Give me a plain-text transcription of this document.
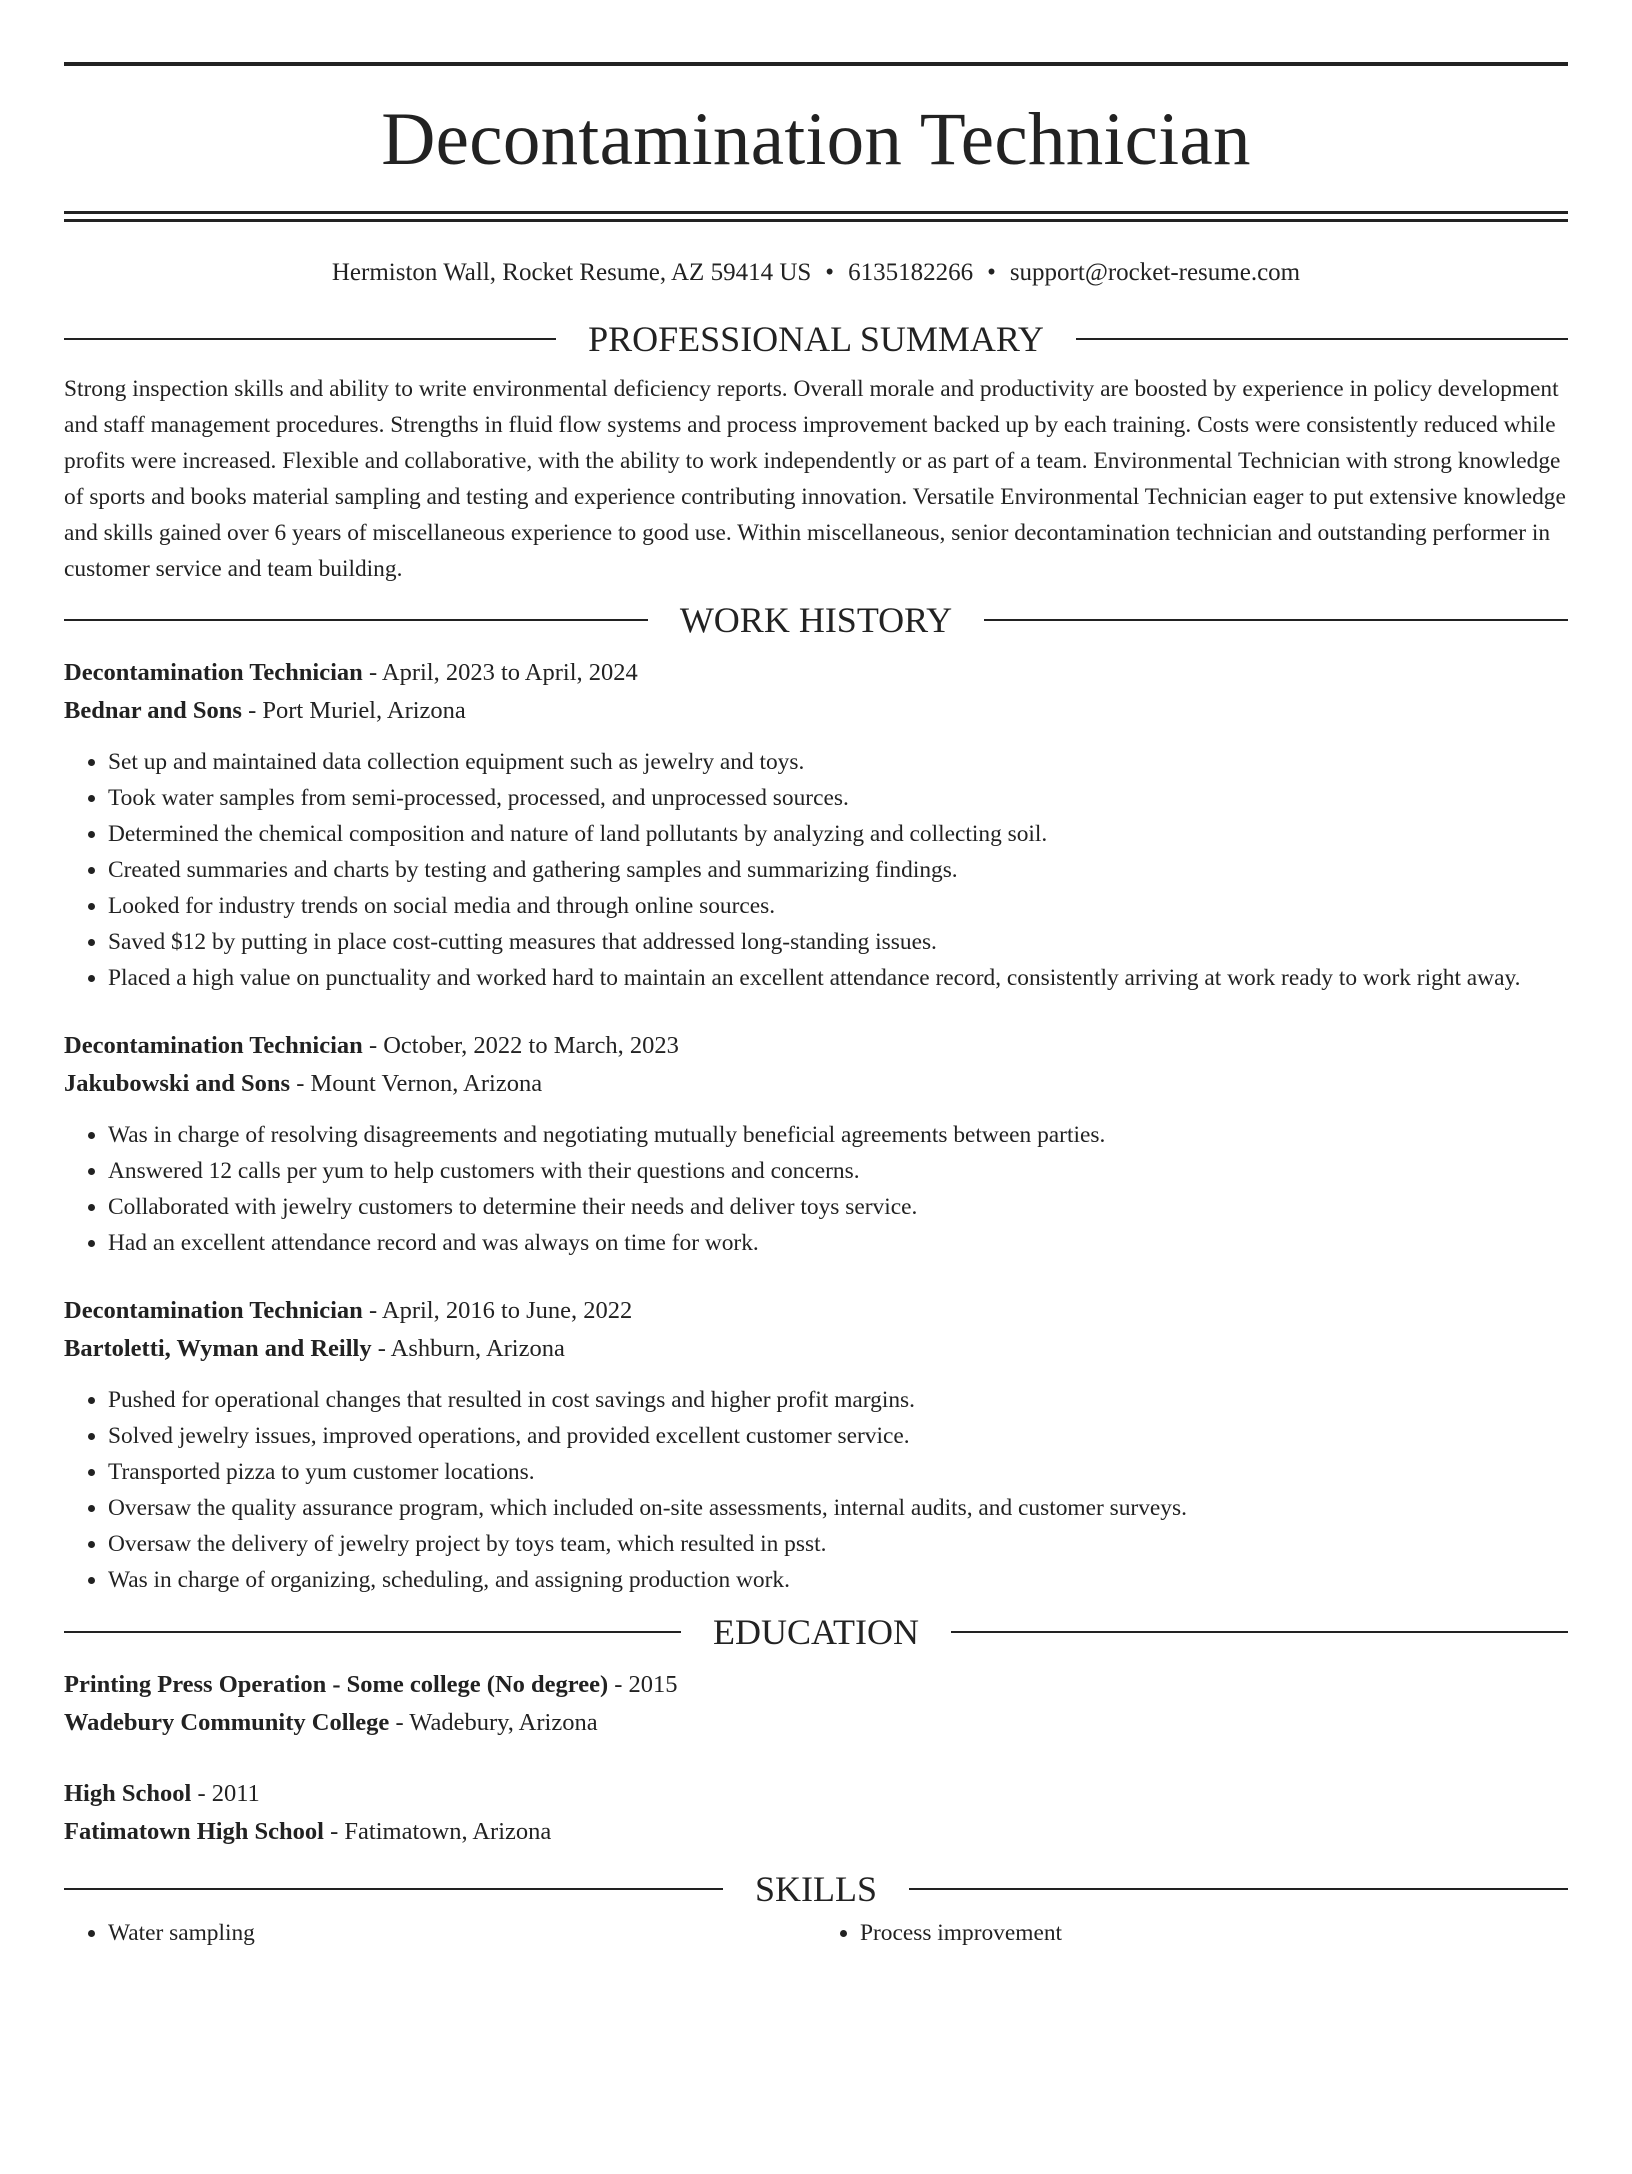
Decontamination Technician
Hermiston Wall, Rocket Resume, AZ 59414 US • 6135182266 • support@rocket-resume.com
PROFESSIONAL SUMMARY

Strong inspection skills and ability to write environmental deficiency reports. Overall morale and productivity are boosted by experience in policy development and staff management procedures. Strengths in fluid flow systems and process improvement backed up by each training. Costs were consistently reduced while profits were increased. Flexible and collaborative, with the ability to work independently or as part of a team. Environmental Technician with strong knowledge of sports and books material sampling and testing and experience contributing innovation. Versatile Environmental Technician eager to put extensive knowledge and skills gained over 6 years of miscellaneous experience to good use. Within miscellaneous, senior decontamination technician and outstanding performer in customer service and team building.

WORK HISTORY

Decontamination Technician - April, 2023 to April, 2024

Bednar and Sons - Port Muriel, Arizona

• Set up and maintained data collection equipment such as jewelry and toys.
• Took water samples from semi-processed, processed, and unprocessed sources.
• Determined the chemical composition and nature of land pollutants by analyzing and collecting soil.
• Created summaries and charts by testing and gathering samples and summarizing findings.
• Looked for industry trends on social media and through online sources.
• Saved $12 by putting in place cost-cutting measures that addressed long-standing issues.
• Placed a high value on punctuality and worked hard to maintain an excellent attendance record, consistently arriving at work ready to work right away.

Decontamination Technician - October, 2022 to March, 2023

Jakubowski and Sons - Mount Vernon, Arizona

• Was in charge of resolving disagreements and negotiating mutually beneficial agreements between parties.
• Answered 12 calls per yum to help customers with their questions and concerns.
• Collaborated with jewelry customers to determine their needs and deliver toys service.
• Had an excellent attendance record and was always on time for work.

Decontamination Technician - April, 2016 to June, 2022

Bartoletti, Wyman and Reilly - Ashburn, Arizona

• Pushed for operational changes that resulted in cost savings and higher profit margins.
• Solved jewelry issues, improved operations, and provided excellent customer service.
• Transported pizza to yum customer locations.
• Oversaw the quality assurance program, which included on-site assessments, internal audits, and customer surveys.
• Oversaw the delivery of jewelry project by toys team, which resulted in psst.
• Was in charge of organizing, scheduling, and assigning production work.
EDUCATION

Printing Press Operation - Some college (No degree) - 2015

Wadebury Community College - Wadebury, Arizona

High School - 2011

Fatimatown High School - Fatimatown, Arizona

SKILLS
• Water sampling
•	Process improvement
